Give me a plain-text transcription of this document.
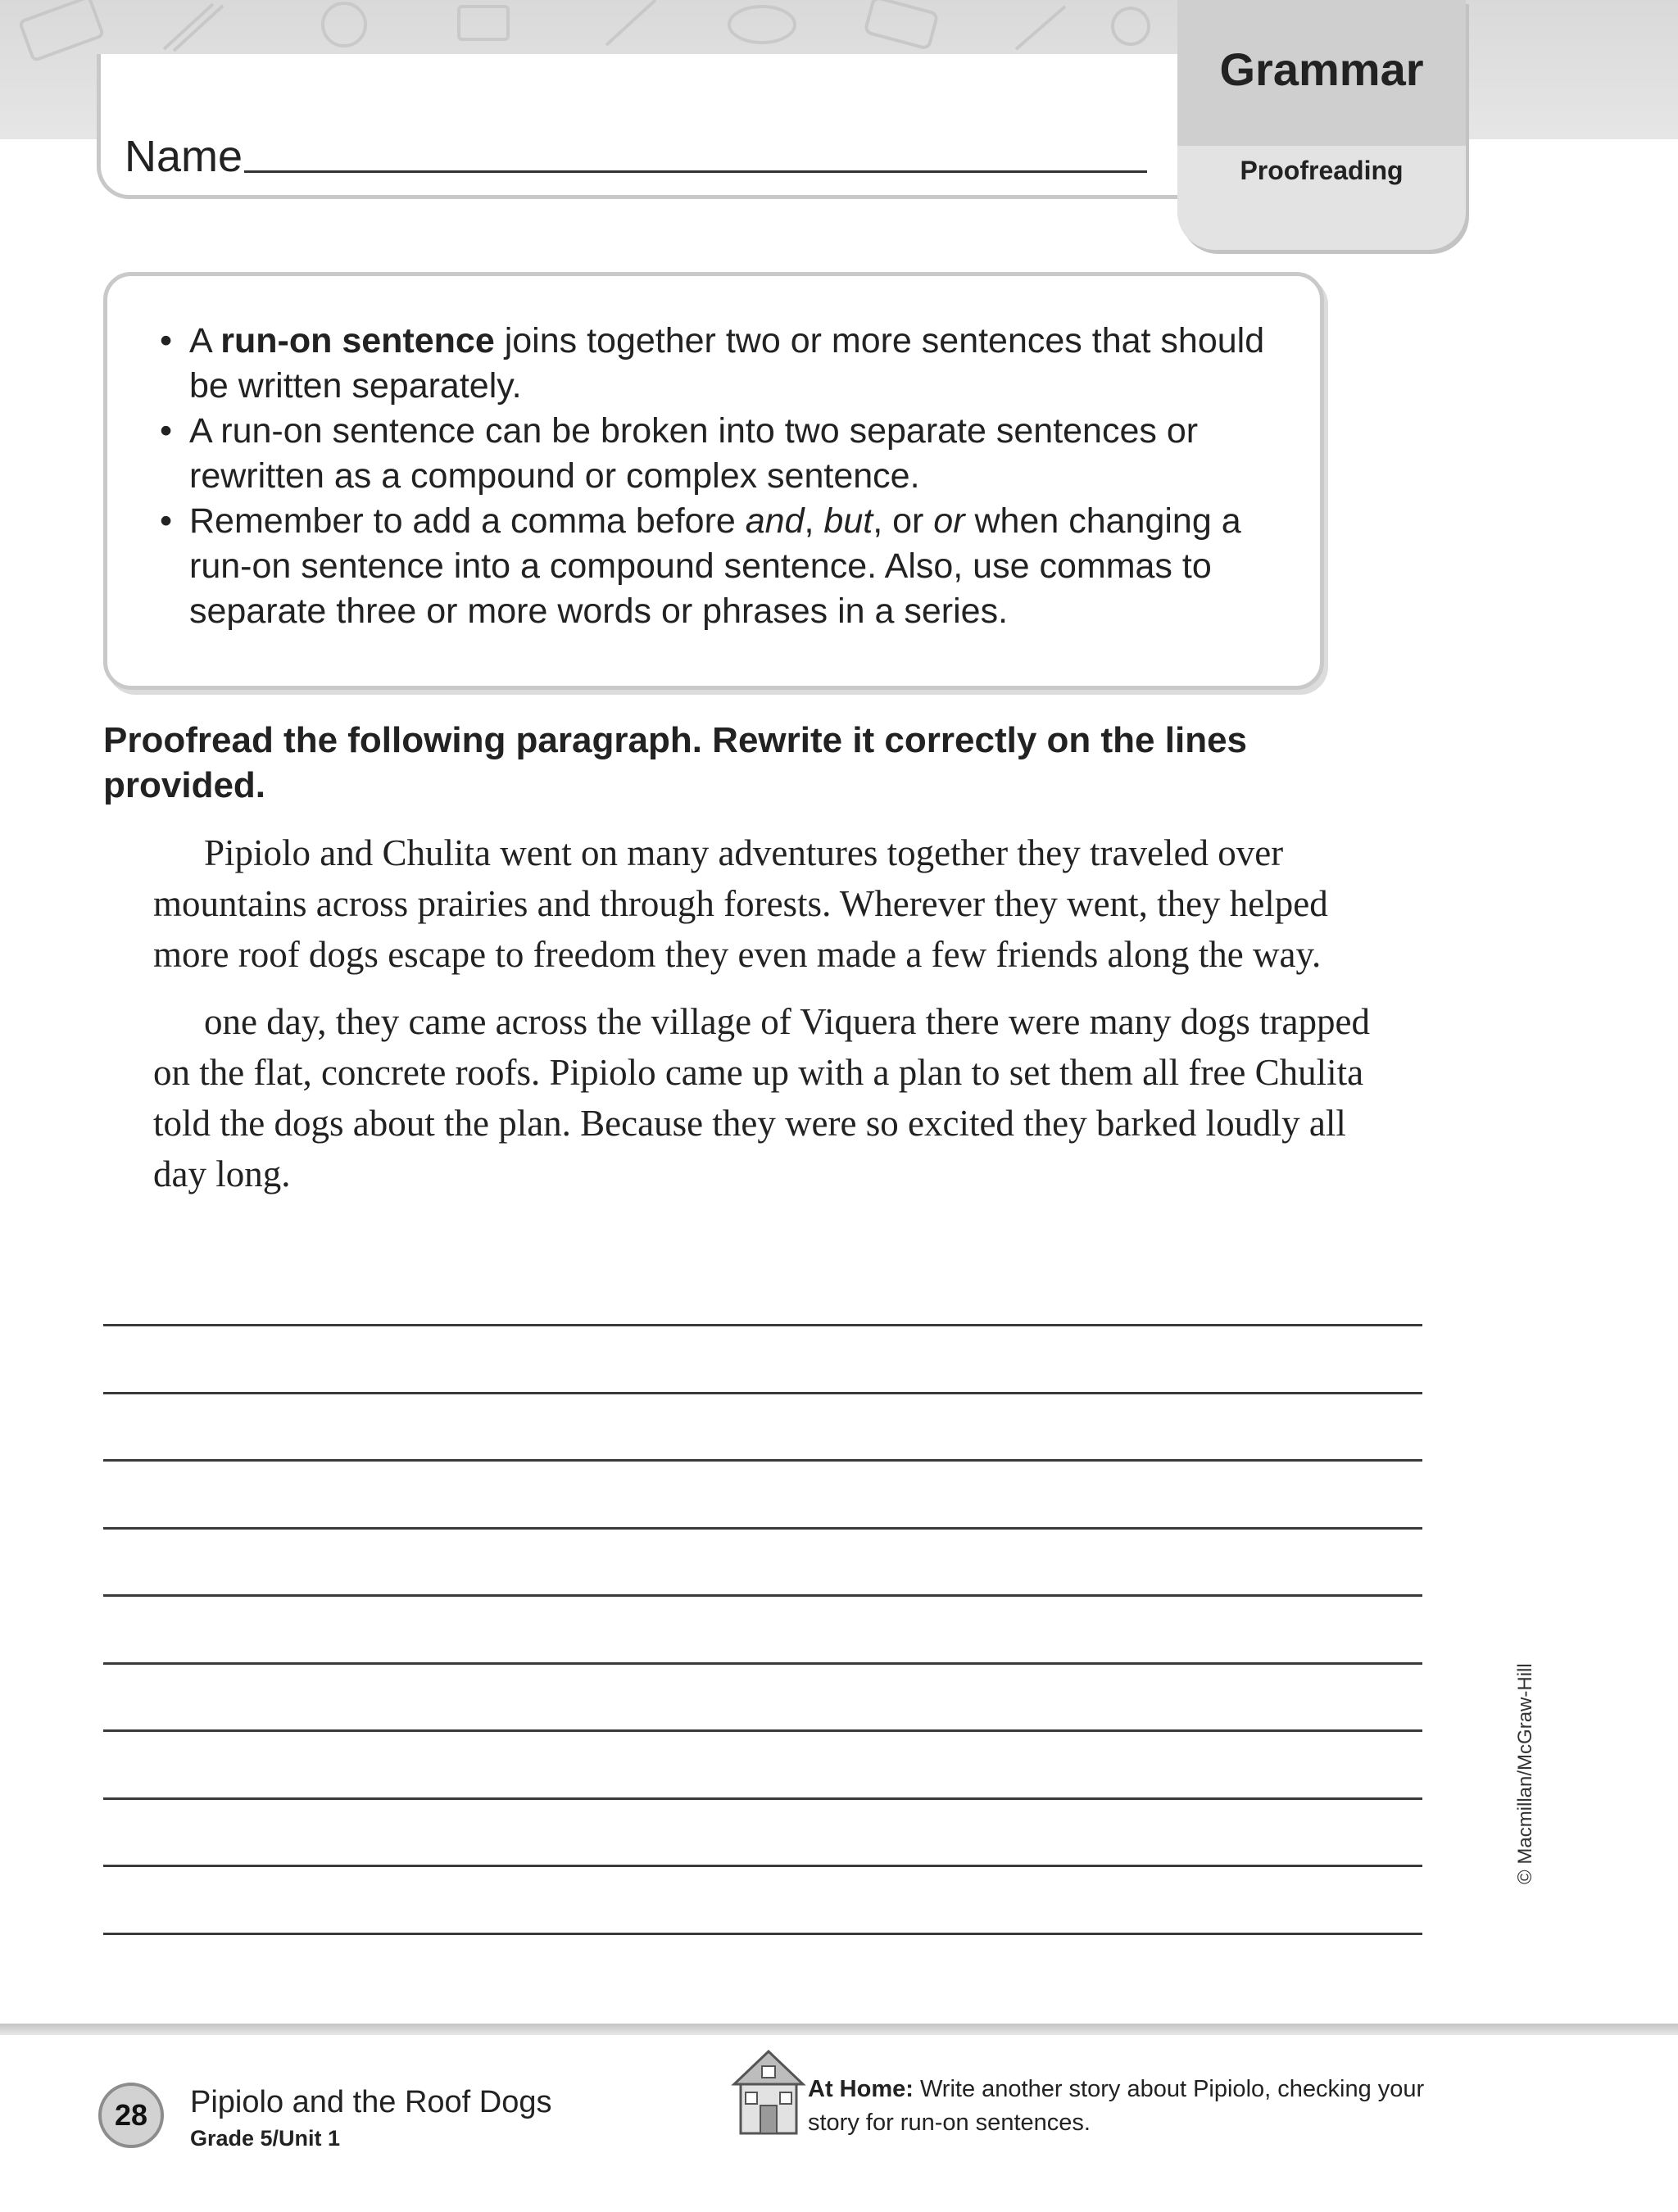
Name
Grammar
Proofreading
• A run-on sentence joins together two or more sentences that should be written separately.
• A run-on sentence can be broken into two separate sentences or rewritten as a compound or complex sentence.
• Remember to add a comma before and, but, or or when changing a run-on sentence into a compound sentence. Also, use commas to separate three or more words or phrases in a series.
Proofread the following paragraph. Rewrite it correctly on the lines provided.

Pipiolo and Chulita went on many adventures together they traveled over mountains across prairies and through forests. Wherever they went, they helped more roof dogs escape to freedom they even made a few friends along the way.

one day, they came across the village of Viquera there were many dogs trapped on the flat, concrete roofs. Pipiolo came up with a plan to set them all free Chulita told the dogs about the plan. Because they were so excited they barked loudly all day long.

© Macmillan/McGraw-Hill
28	Pipiolo and the Roof Dogs
Grade 5/Unit 1
At Home: Write another story about Pipiolo, checking your story for run-on sentences.
